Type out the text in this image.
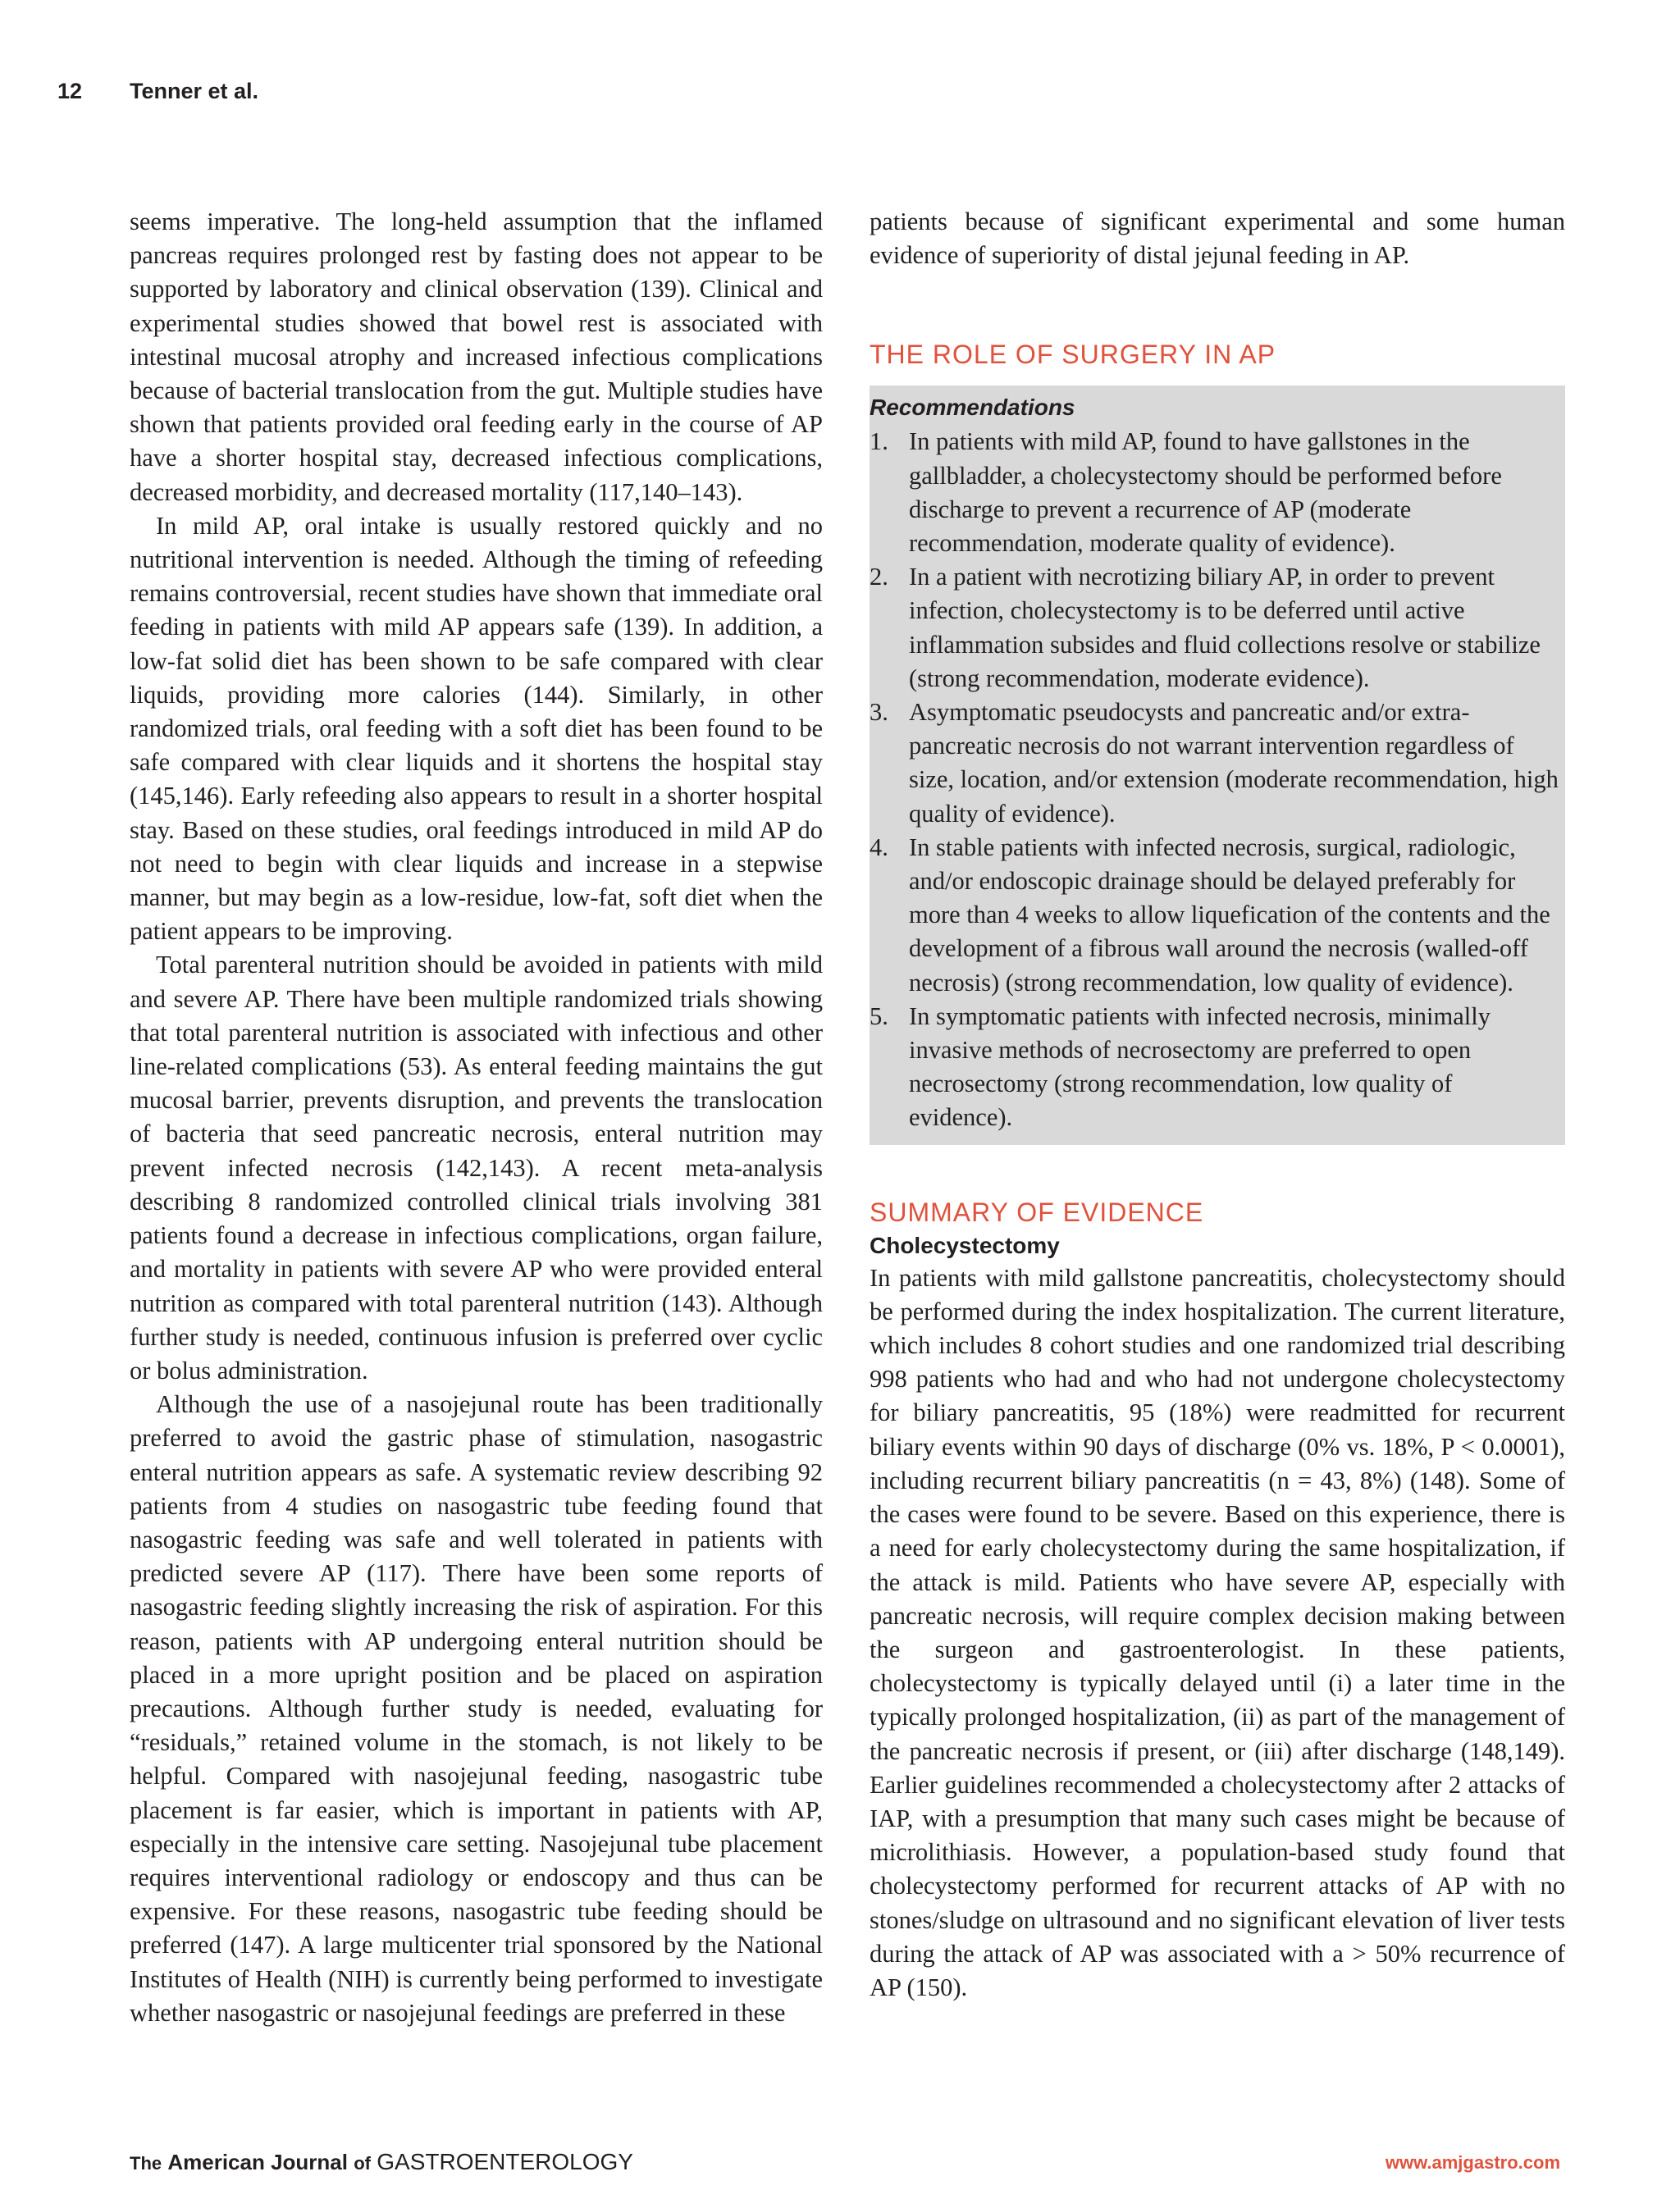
12 Tenner et al.

seems imperative. The long-held assumption that the inflamed pancreas requires prolonged rest by fasting does not appear to be supported by laboratory and clinical observation (139). Clinical and experimental studies showed that bowel rest is associated with intestinal mucosal atrophy and increased infectious complications because of bacterial translocation from the gut. Multiple studies have shown that patients provided oral feeding early in the course of AP have a shorter hospital stay, decreased infectious complications, decreased morbidity, and decreased mortality (117,140–143).

In mild AP, oral intake is usually restored quickly and no nutritional intervention is needed. Although the timing of refeeding remains controversial, recent studies have shown that immediate oral feeding in patients with mild AP appears safe (139). In addition, a low-fat solid diet has been shown to be safe compared with clear liquids, providing more calories (144). Similarly, in other randomized trials, oral feeding with a soft diet has been found to be safe compared with clear liquids and it shortens the hospital stay (145,146). Early refeeding also appears to result in a shorter hospital stay. Based on these studies, oral feedings introduced in mild AP do not need to begin with clear liquids and increase in a stepwise manner, but may begin as a low-residue, low-fat, soft diet when the patient appears to be improving.

Total parenteral nutrition should be avoided in patients with mild and severe AP. There have been multiple randomized trials showing that total parenteral nutrition is associated with infectious and other line-related complications (53). As enteral feeding maintains the gut mucosal barrier, prevents disruption, and prevents the translocation of bacteria that seed pancreatic necrosis, enteral nutrition may prevent infected necrosis (142,143). A recent meta-analysis describing 8 randomized controlled clinical trials involving 381 patients found a decrease in infectious complications, organ failure, and mortality in patients with severe AP who were provided enteral nutrition as compared with total parenteral nutrition (143). Although further study is needed, continuous infusion is preferred over cyclic or bolus administration.

Although the use of a nasojejunal route has been traditionally preferred to avoid the gastric phase of stimulation, nasogastric enteral nutrition appears as safe. A systematic review describing 92 patients from 4 studies on nasogastric tube feeding found that nasogastric feeding was safe and well tolerated in patients with predicted severe AP (117). There have been some reports of nasogastric feeding slightly increasing the risk of aspiration. For this reason, patients with AP undergoing enteral nutrition should be placed in a more upright position and be placed on aspiration precautions. Although further study is needed, evaluating for “residuals,” retained volume in the stomach, is not likely to be helpful. Compared with nasojejunal feeding, nasogastric tube placement is far easier, which is important in patients with AP, especially in the intensive care setting. Nasojejunal tube placement requires interventional radiology or endoscopy and thus can be expensive. For these reasons, nasogastric tube feeding should be preferred (147). A large multicenter trial sponsored by the National Institutes of Health (NIH) is currently being performed to investigate whether nasogastric or nasojejunal feedings are preferred in these

patients because of significant experimental and some human evidence of superiority of distal jejunal feeding in AP.

THE ROLE OF SURGERY IN AP

Recommendations

1. In patients with mild AP, found to have gallstones in the gallbladder, a cholecystectomy should be performed before discharge to prevent a recurrence of AP (moderate recommendation, moderate quality of evidence).
2. In a patient with necrotizing biliary AP, in order to prevent infection, cholecystectomy is to be deferred until active inflammation subsides and fluid collections resolve or stabilize (strong recommendation, moderate evidence).
3. Asymptomatic pseudocysts and pancreatic and/or extra-pancreatic necrosis do not warrant intervention regardless of size, location, and/or extension (moderate recommendation, high quality of evidence).
4. In stable patients with infected necrosis, surgical, radiologic, and/or endoscopic drainage should be delayed preferably for more than 4 weeks to allow liquefication of the contents and the development of a fibrous wall around the necrosis (walled-off necrosis) (strong recommendation, low quality of evidence).
5. In symptomatic patients with infected necrosis, minimally invasive methods of necrosectomy are preferred to open necrosectomy (strong recommendation, low quality of evidence).
SUMMARY OF EVIDENCE

Cholecystectomy

In patients with mild gallstone pancreatitis, cholecystectomy should be performed during the index hospitalization. The current literature, which includes 8 cohort studies and one randomized trial describing 998 patients who had and who had not undergone cholecystectomy for biliary pancreatitis, 95 (18%) were readmitted for recurrent biliary events within 90 days of discharge (0% vs. 18%, P < 0.0001), including recurrent biliary pancreatitis (n = 43, 8%) (148). Some of the cases were found to be severe. Based on this experience, there is a need for early cholecystectomy during the same hospitalization, if the attack is mild. Patients who have severe AP, especially with pancreatic necrosis, will require complex decision making between the surgeon and gastroenterologist. In these patients, cholecystectomy is typically delayed until (i) a later time in the typically prolonged hospitalization, (ii) as part of the management of the pancreatic necrosis if present, or (iii) after discharge (148,149). Earlier guidelines recommended a cholecystectomy after 2 attacks of IAP, with a presumption that many such cases might be because of microlithiasis. However, a population-based study found that cholecystectomy performed for recurrent attacks of AP with no stones/sludge on ultrasound and no significant elevation of liver tests during the attack of AP was associated with a > 50% recurrence of AP (150).

The American Journal of GASTROENTEROLOGY	www.amjgastro.com
